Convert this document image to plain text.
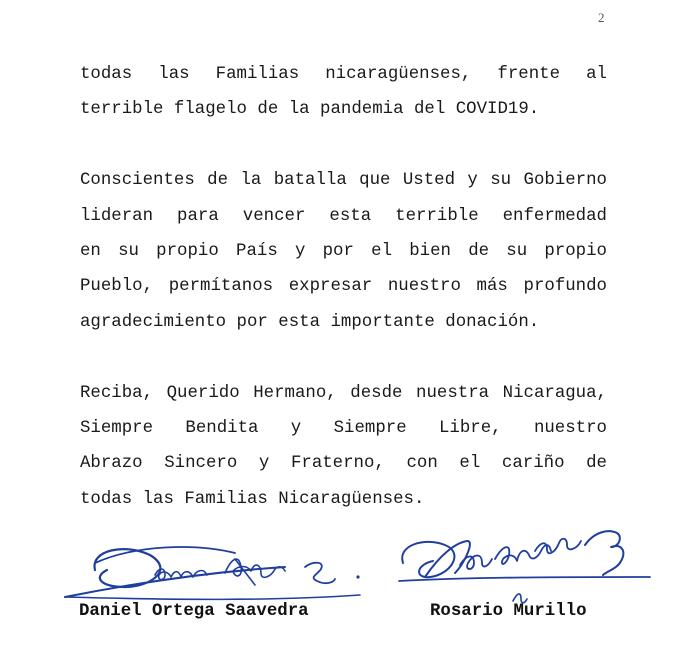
2
todas las Familias nicaragüenses, frente al
terrible flagelo de la pandemia del COVID19.
Conscientes de la batalla que Usted y su Gobierno
lideran para vencer esta terrible enfermedad
en su propio País y por el bien de su propio
Pueblo, permítanos expresar nuestro más profundo
agradecimiento por esta importante donación.
Reciba, Querido Hermano, desde nuestra Nicaragua,
Siempre Bendita y Siempre Libre, nuestro
Abrazo Sincero y Fraterno, con el cariño de
todas las Familias Nicaragüenses.
Daniel Ortega Saavedra	Rosario Murillo
